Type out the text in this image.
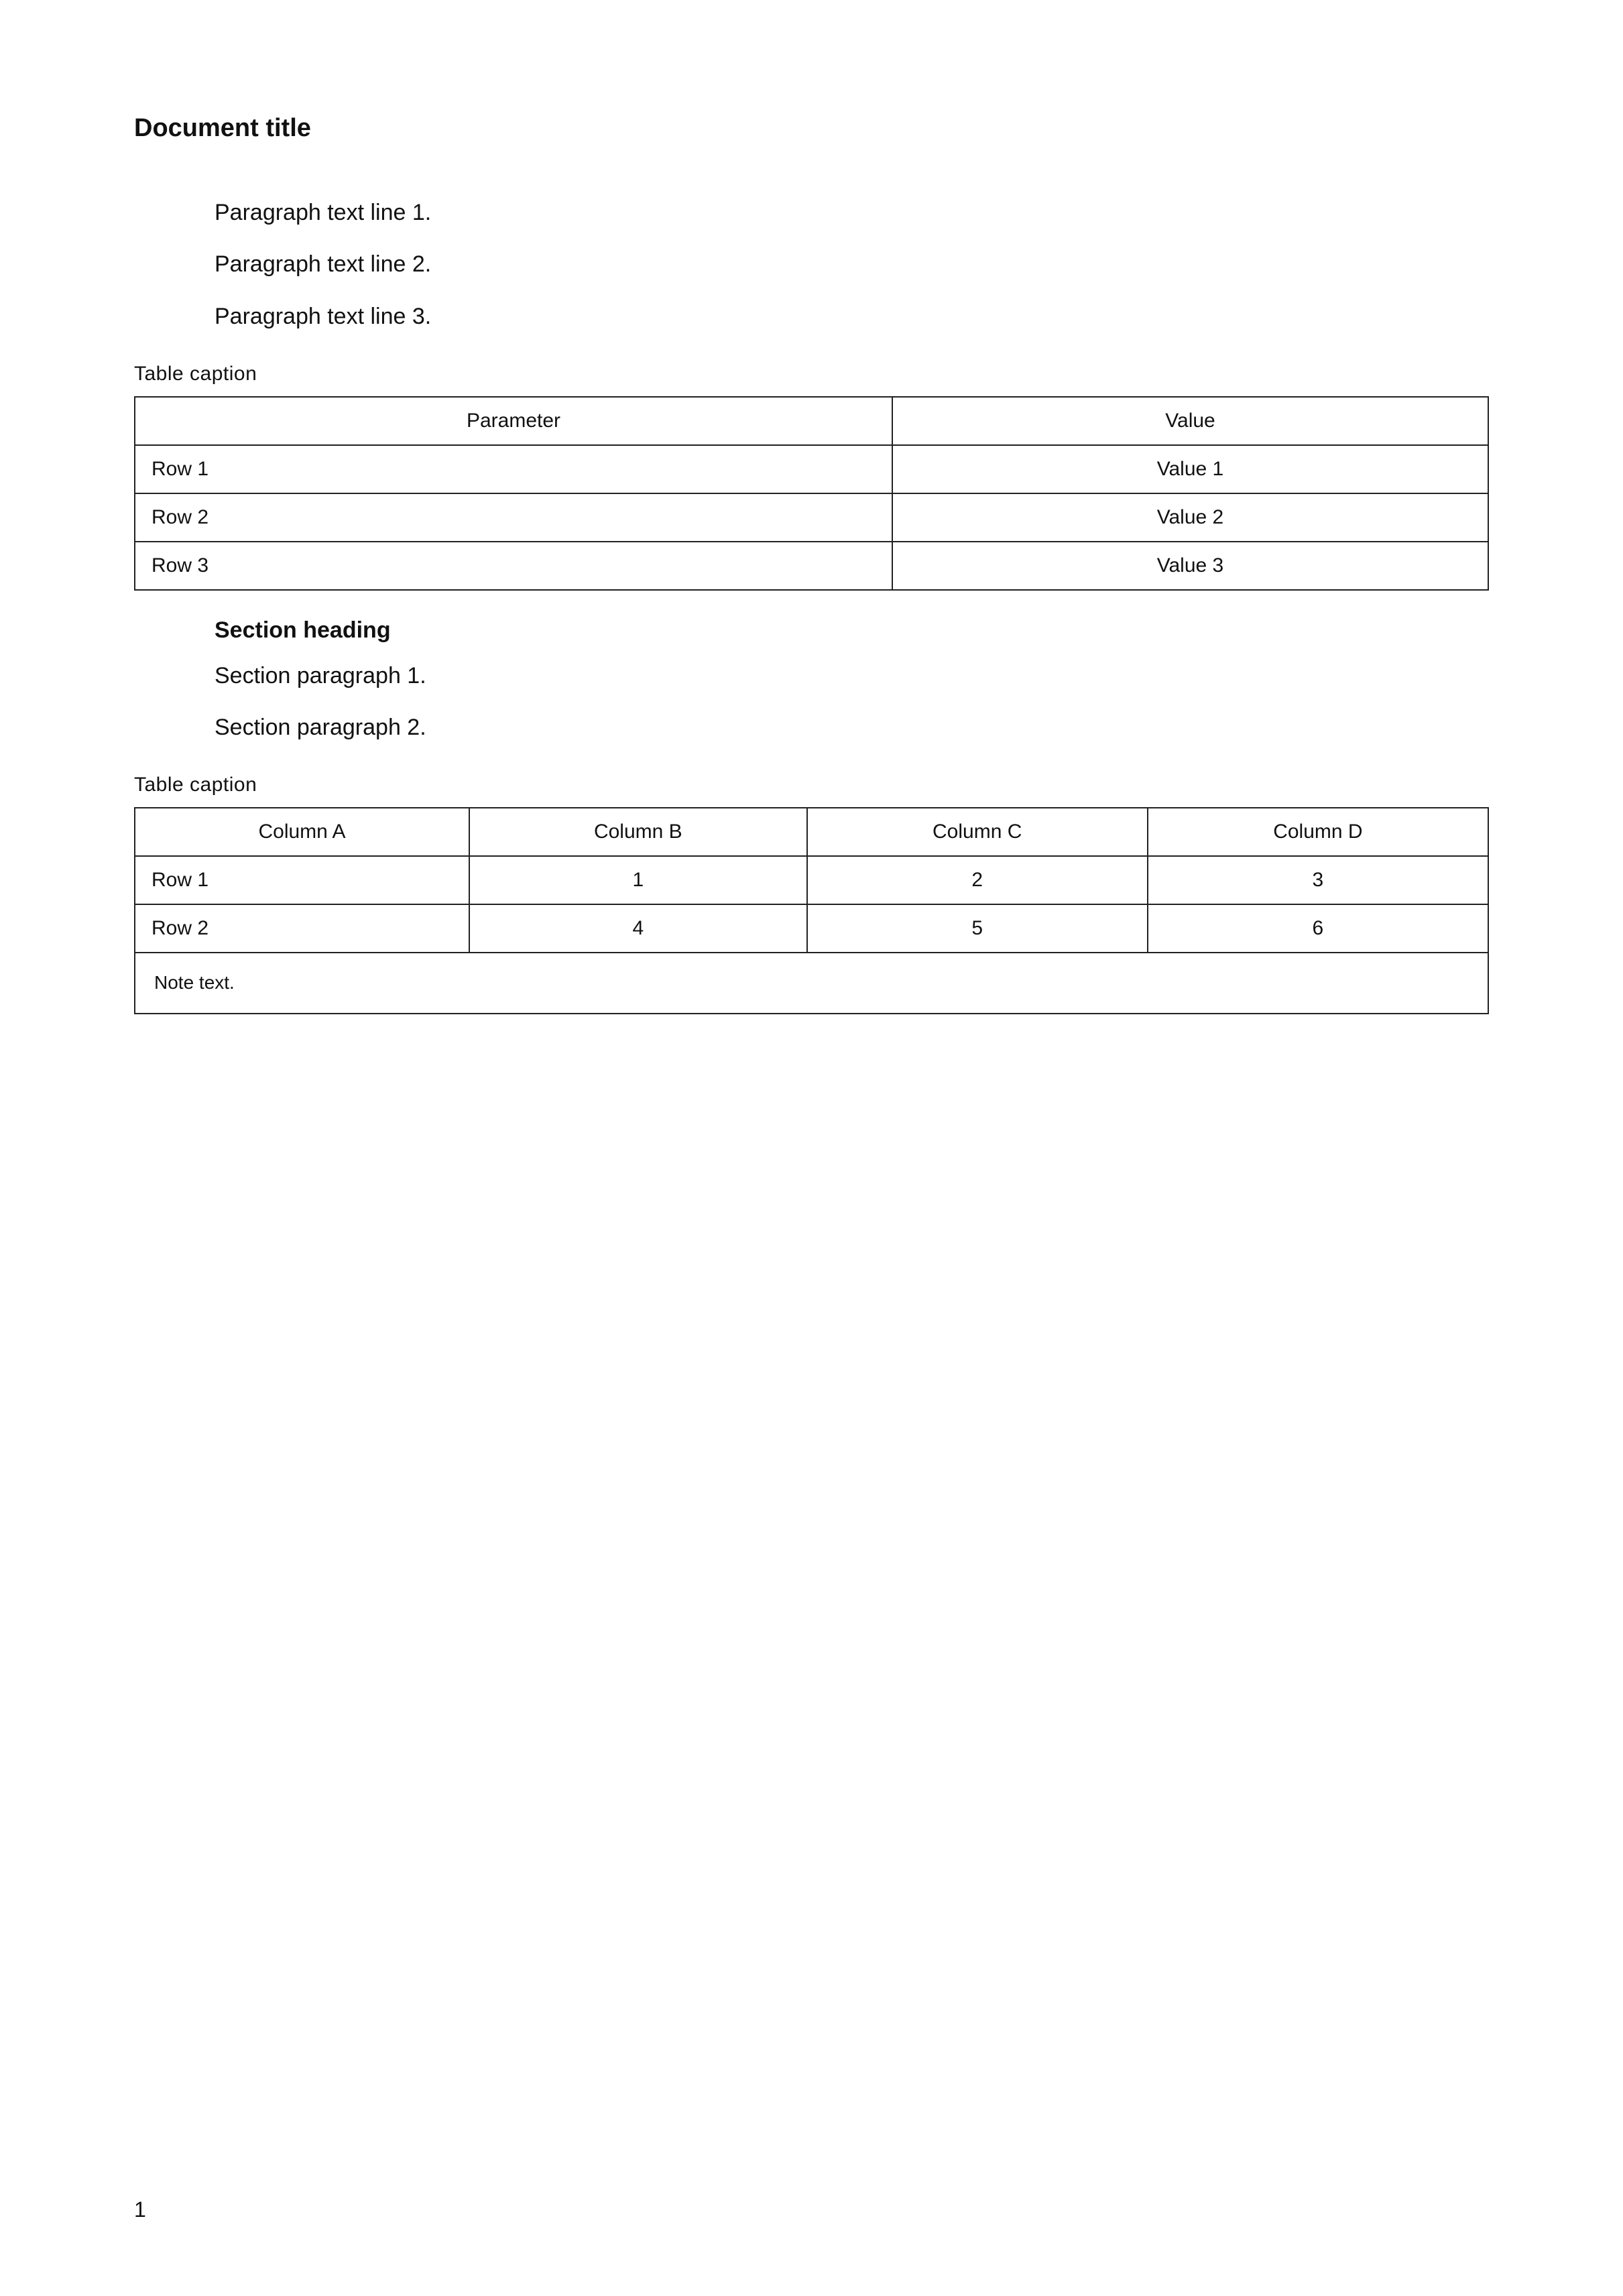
Document title

Paragraph text line 1.

Paragraph text line 2.

Paragraph text line 3.

Table caption
Parameter	Value
Row 1	Value 1
Row 2	Value 2
Row 3	Value 3
Section heading

Section paragraph 1.

Section paragraph 2.

Table caption
Column A	Column B	Column C	Column D
Row 1	1	2	3
Row 2	4	5	6
Note text.
1
